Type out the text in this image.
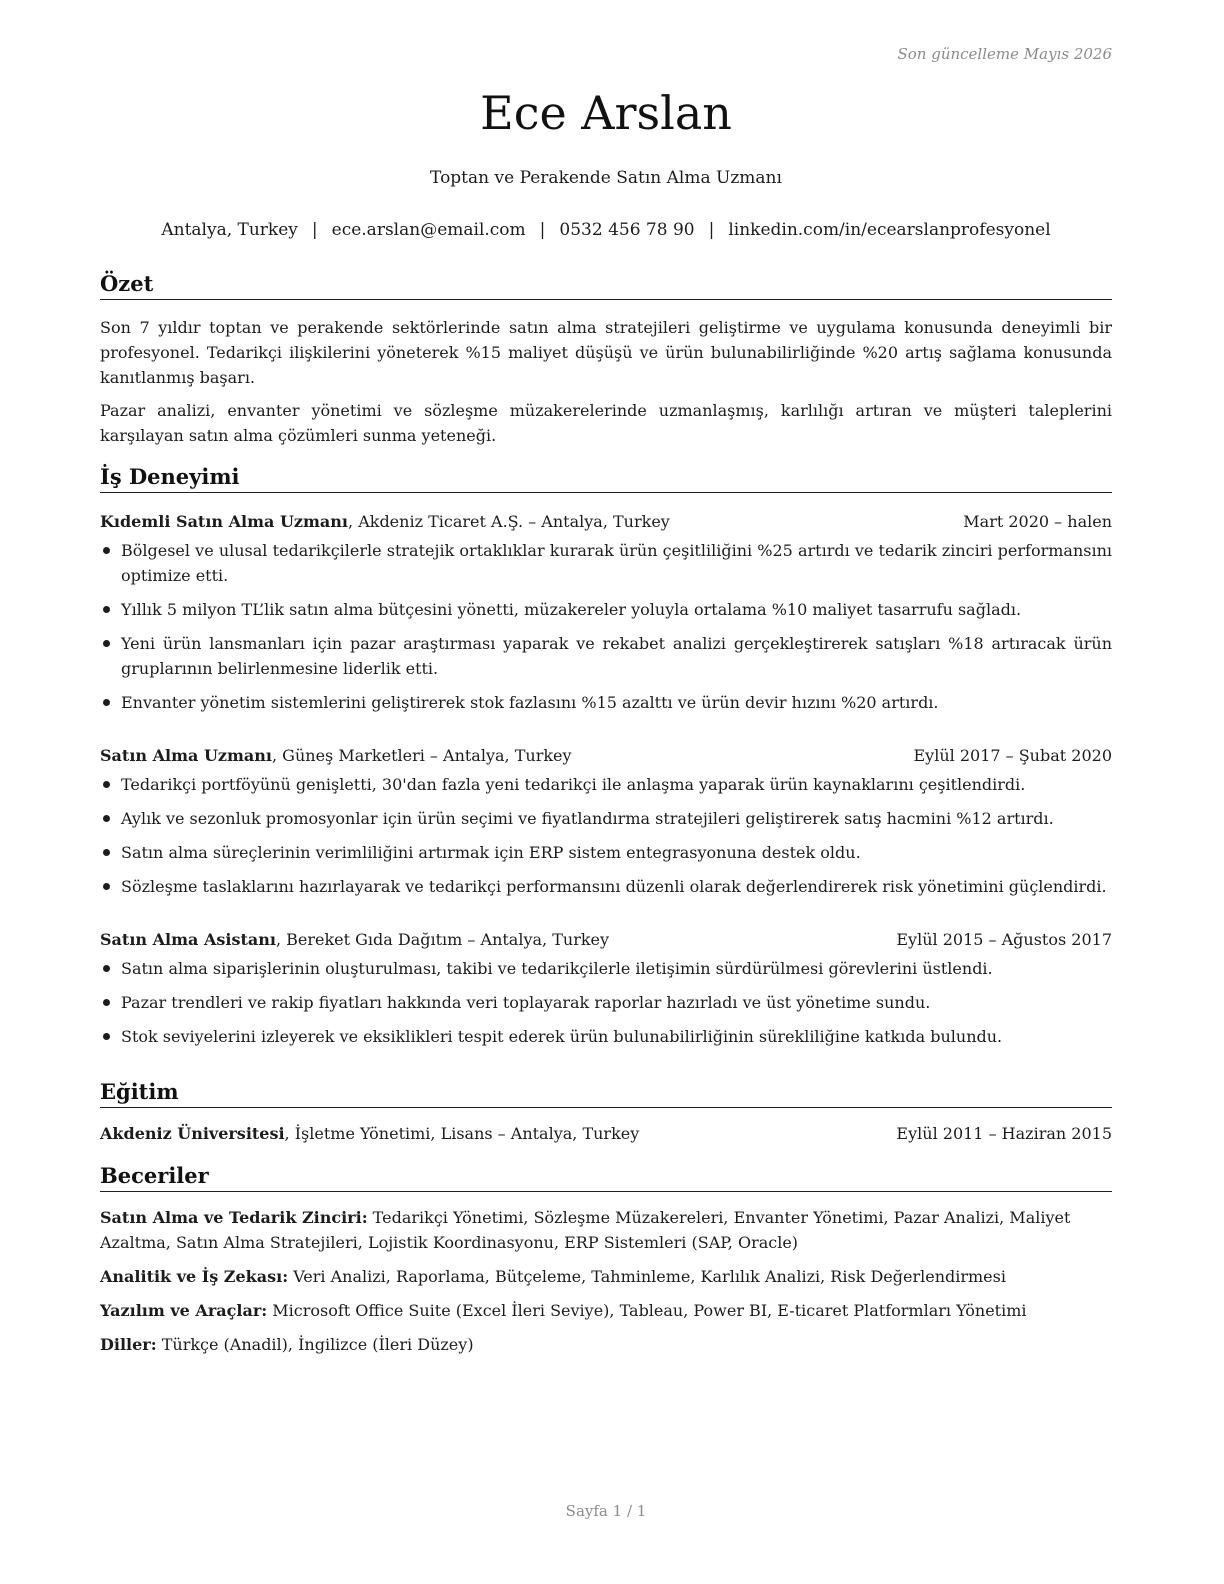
Son güncelleme Mayıs 2026
Ece Arslan
Toptan ve Perakende Satın Alma Uzmanı
Antalya, Turkey | ece.arslan@email.com | 0532 456 78 90 | linkedin.com/in/ecearslanprofesyonel
Özet

Son 7 yıldır toptan ve perakende sektörlerinde satın alma stratejileri geliştirme ve uygulama konusunda deneyimli bir profesyonel. Tedarikçi ilişkilerini yöneterek %15 maliyet düşüşü ve ürün bulunabilirliğinde %20 artış sağlama konusunda kanıtlanmış başarı.

Pazar analizi, envanter yönetimi ve sözleşme müzakerelerinde uzmanlaşmış, karlılığı artıran ve müşteri taleplerini karşılayan satın alma çözümleri sunma yeteneği.

İş Deneyimi
Kıdemli Satın Alma Uzmanı, Akdeniz Ticaret A.Ş. – Antalya, Turkey	Mart 2020 – halen
Bölgesel ve ulusal tedarikçilerle stratejik ortaklıklar kurarak ürün çeşitliliğini %25 artırdı ve tedarik zinciri performansını optimize etti.
Yıllık 5 milyon TL’lik satın alma bütçesini yönetti, müzakereler yoluyla ortalama %10 maliyet tasarrufu sağladı.
Yeni ürün lansmanları için pazar araştırması yaparak ve rekabet analizi gerçekleştirerek satışları %18 artıracak ürün gruplarının belirlenmesine liderlik etti.
Envanter yönetim sistemlerini geliştirerek stok fazlasını %15 azalttı ve ürün devir hızını %20 artırdı.
Satın Alma Uzmanı, Güneş Marketleri – Antalya, Turkey	Eylül 2017 – Şubat 2020
Tedarikçi portföyünü genişletti, 30'dan fazla yeni tedarikçi ile anlaşma yaparak ürün kaynaklarını çeşitlendirdi.
Aylık ve sezonluk promosyonlar için ürün seçimi ve fiyatlandırma stratejileri geliştirerek satış hacmini %12 artırdı.
Satın alma süreçlerinin verimliliğini artırmak için ERP sistem entegrasyonuna destek oldu.
Sözleşme taslaklarını hazırlayarak ve tedarikçi performansını düzenli olarak değerlendirerek risk yönetimini güçlendirdi.
Satın Alma Asistanı, Bereket Gıda Dağıtım – Antalya, Turkey	Eylül 2015 – Ağustos 2017
Satın alma siparişlerinin oluşturulması, takibi ve tedarikçilerle iletişimin sürdürülmesi görevlerini üstlendi.
Pazar trendleri ve rakip fiyatları hakkında veri toplayarak raporlar hazırladı ve üst yönetime sundu.
Stok seviyelerini izleyerek ve eksiklikleri tespit ederek ürün bulunabilirliğinin sürekliliğine katkıda bulundu.
Eğitim
Akdeniz Üniversitesi, İşletme Yönetimi, Lisans – Antalya, Turkey	Eylül 2011 – Haziran 2015
Beceriler

Satın Alma ve Tedarik Zinciri: Tedarikçi Yönetimi, Sözleşme Müzakereleri, Envanter Yönetimi, Pazar Analizi, Maliyet Azaltma, Satın Alma Stratejileri, Lojistik Koordinasyonu, ERP Sistemleri (SAP, Oracle)

Analitik ve İş Zekası: Veri Analizi, Raporlama, Bütçeleme, Tahminleme, Karlılık Analizi, Risk Değerlendirmesi

Yazılım ve Araçlar: Microsoft Office Suite (Excel İleri Seviye), Tableau, Power BI, E-ticaret Platformları Yönetimi

Diller: Türkçe (Anadil), İngilizce (İleri Düzey)

Sayfa 1 / 1
